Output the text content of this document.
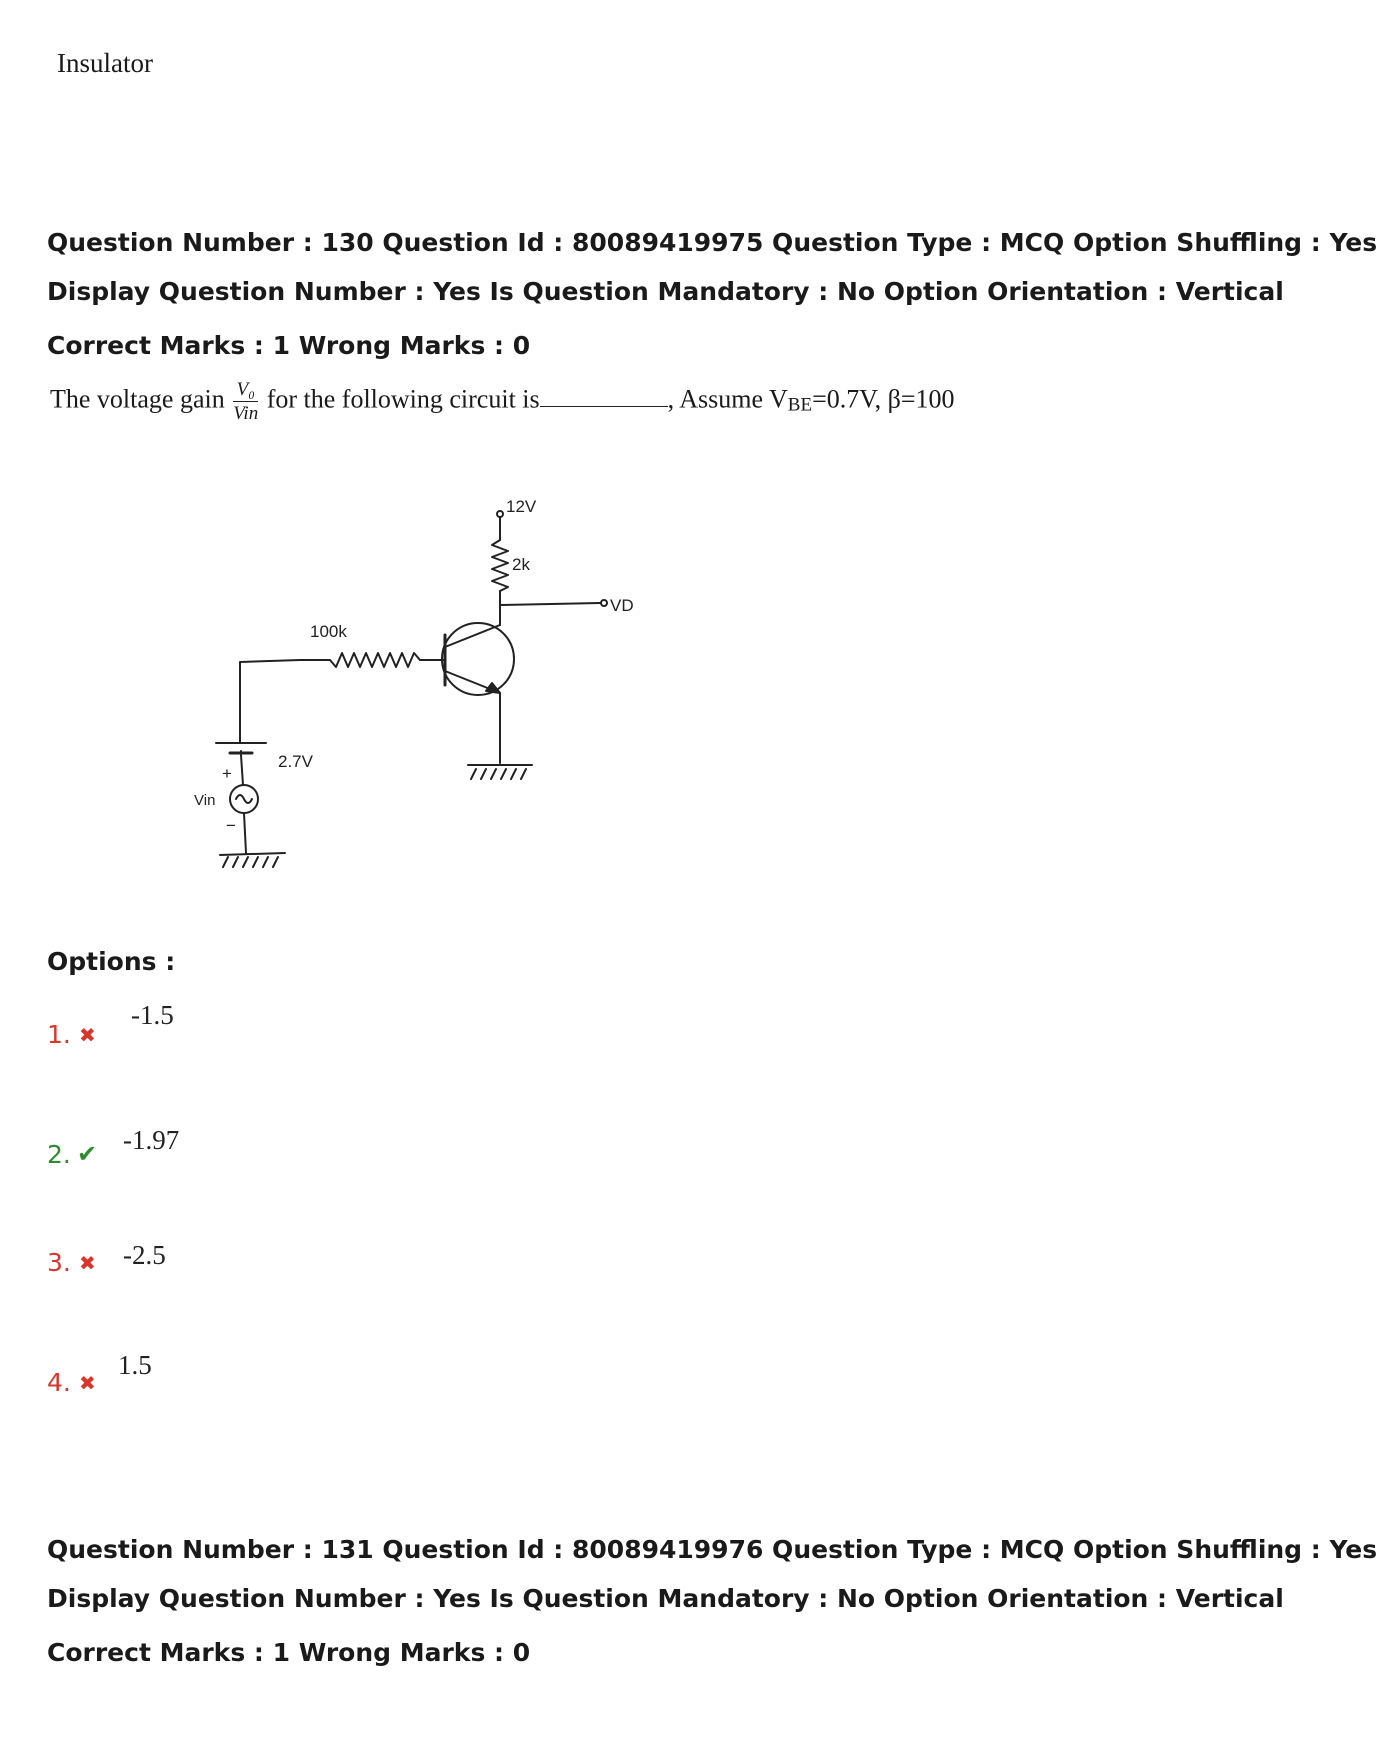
Insulator
Question Number : 130 Question Id : 80089419975 Question Type : MCQ Option Shuffling : Yes
Display Question Number : Yes Is Question Mandatory : No Option Orientation : Vertical
Correct Marks : 1 Wrong Marks : 0
The voltage gain $\frac{\text{V₀}}{\text{Vin}}$ for the following circuit is	, Assume VBE=0.7V, β=100
12V
2k
VD
100k
2.7V
+
Vin
−
Options :
1. ✖
-1.5
2. ✔ -1.97
3. ✖ -2.5
4. ✖
1.5
Question Number : 131 Question Id : 80089419976 Question Type : MCQ Option Shuffling : Yes
Display Question Number : Yes Is Question Mandatory : No Option Orientation : Vertical
Correct Marks : 1 Wrong Marks : 0
